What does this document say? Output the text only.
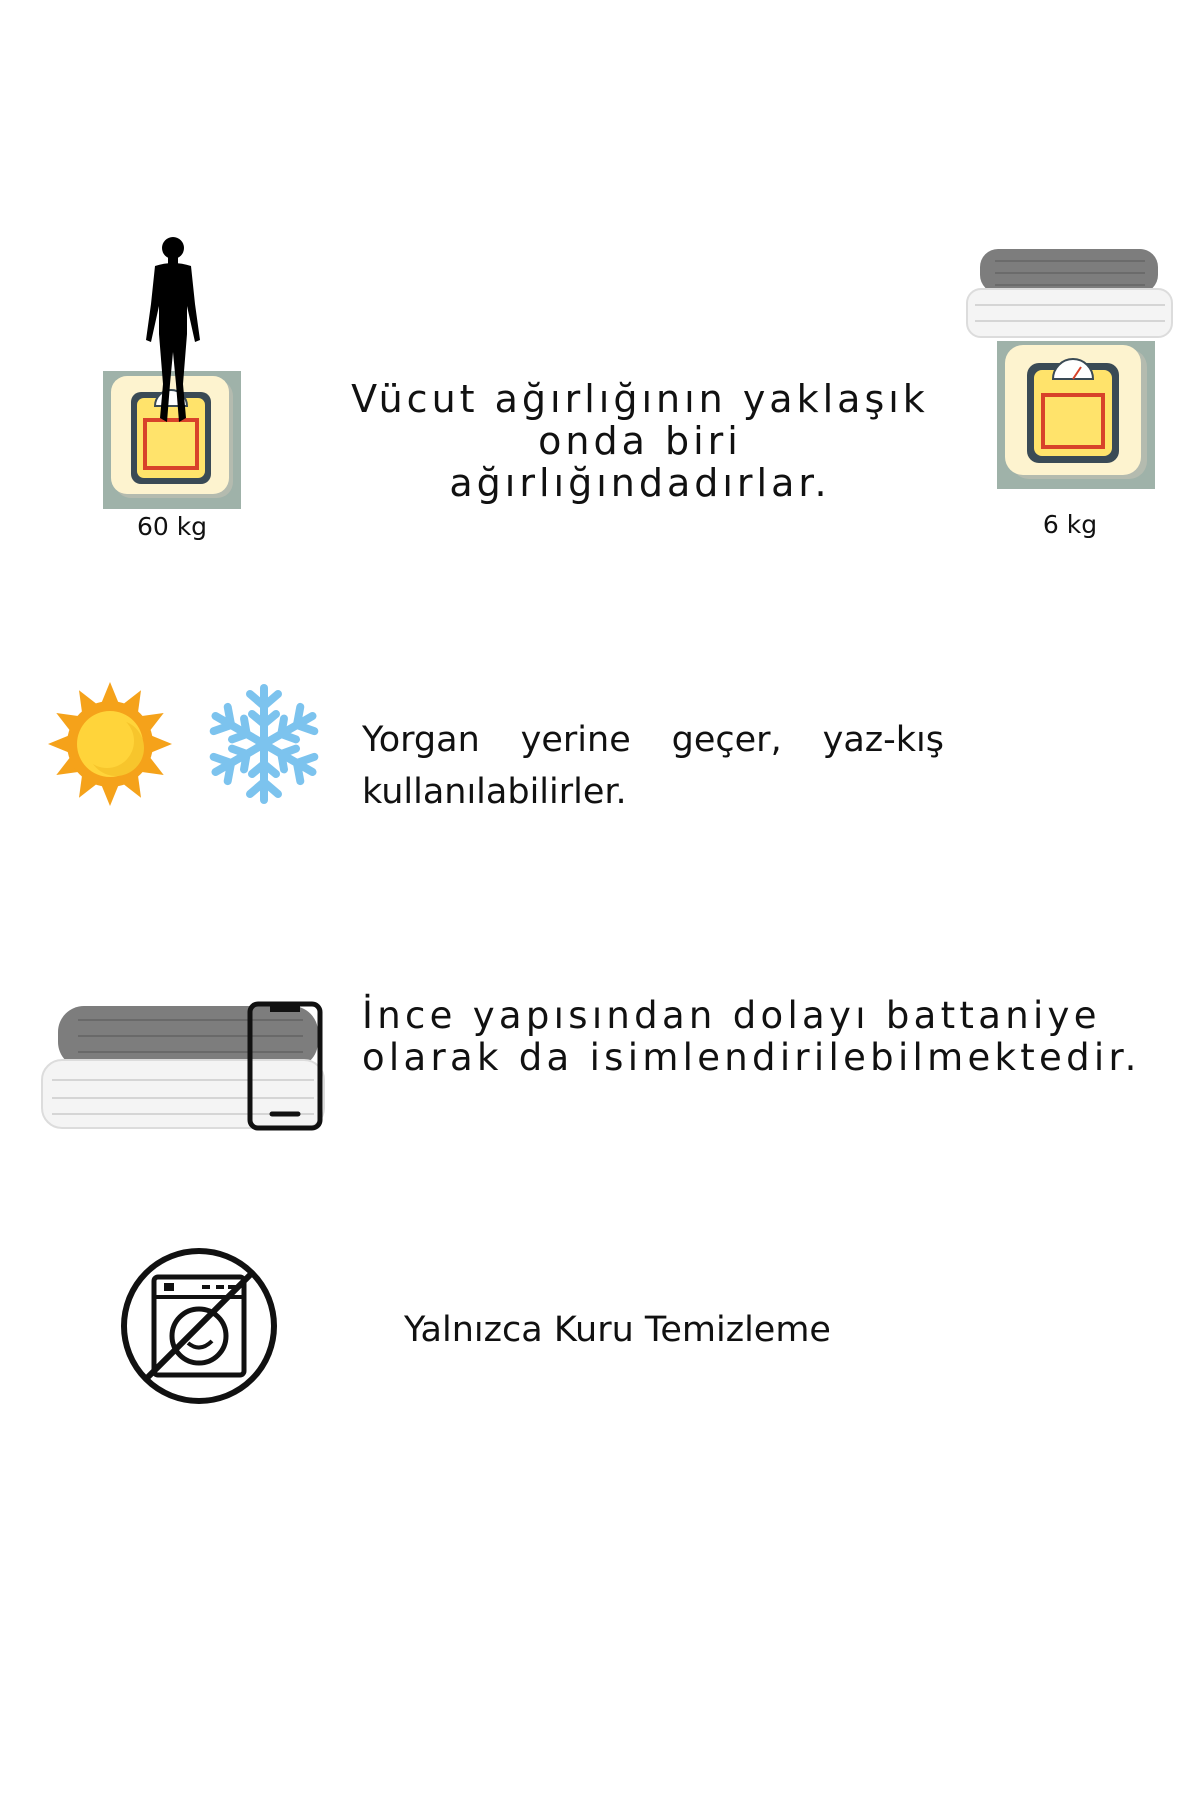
60 kg
Vücut ağırlığının yaklaşık
onda biri
ağırlığındadırlar.
6 kg
Yorgan yerine geçer, yaz-kış kullanılabilirler.
İnce yapısından dolayı battaniye
olarak da isimlendirilebilmektedir.
Yalnızca Kuru Temizleme
